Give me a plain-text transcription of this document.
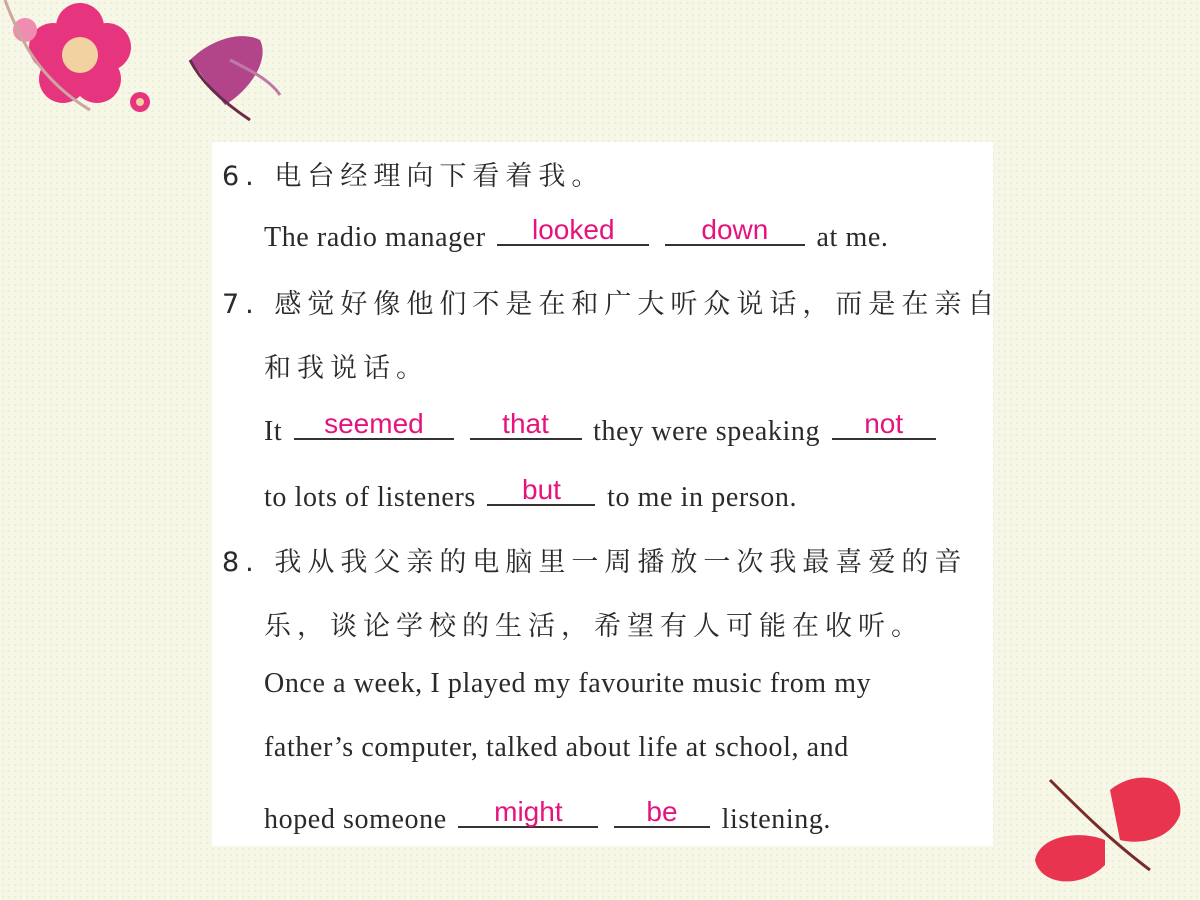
6. 电台经理向下看着我。
The radio manager	looked
	down	at me.
7. 感觉好像他们不是在和广大听众说话，而是在亲自
和我说话。
It	seemed
	that	they were speaking	not
to lots of listeners	but	to me in person.
8. 我从我父亲的电脑里一周播放一次我最喜爱的音
乐，谈论学校的生活，希望有人可能在收听。
Once a week, I played my favourite music from my
father’s computer, talked about life at school, and
hoped someone	might
	be	listening.
